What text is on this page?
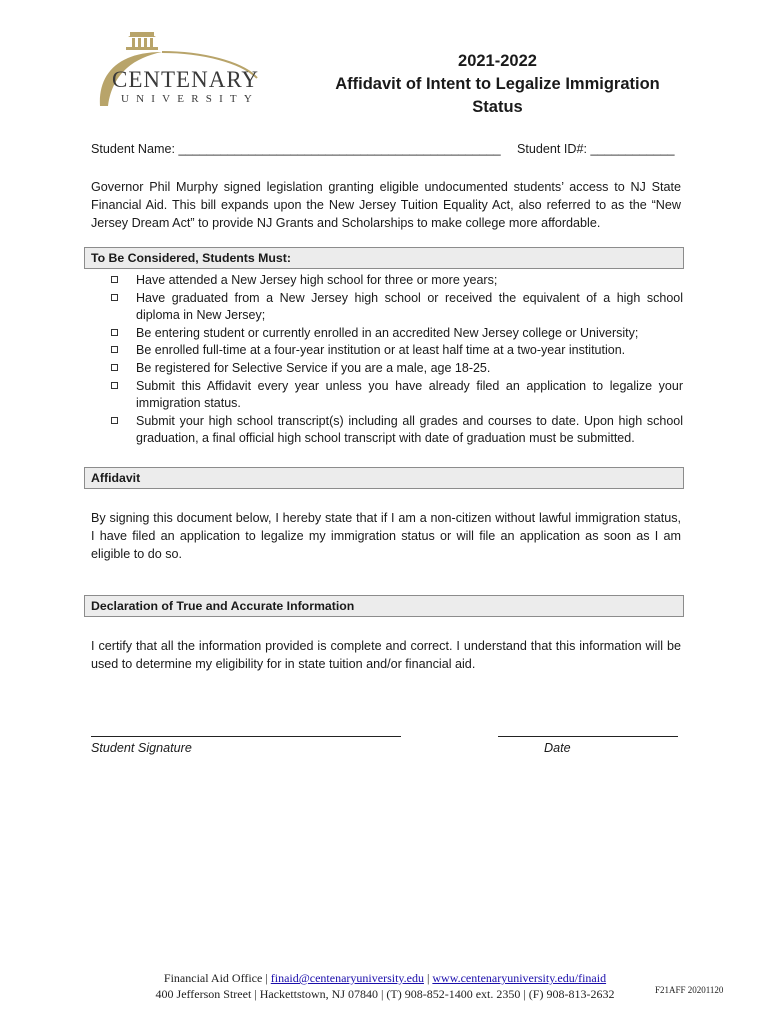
CENTENARY
UNIVERSITY
2021-2022
Affidavit of Intent to Legalize Immigration
Status
Student Name: ______________________________________________ Student ID#: ____________
Governor Phil Murphy signed legislation granting eligible undocumented students’ access to NJ State Financial Aid. This bill expands upon the New Jersey Tuition Equality Act, also referred to as the “New Jersey Dream Act” to provide NJ Grants and Scholarships to make college more affordable.
To Be Considered, Students Must:
Have attended a New Jersey high school for three or more years;
Have graduated from a New Jersey high school or received the equivalent of a high school diploma in New Jersey;
Be entering student or currently enrolled in an accredited New Jersey college or University;
Be enrolled full-time at a four-year institution or at least half time at a two-year institution.
Be registered for Selective Service if you are a male, age 18-25.
Submit this Affidavit every year unless you have already filed an application to legalize your immigration status.
Submit your high school transcript(s) including all grades and courses to date. Upon high school graduation, a final official high school transcript with date of graduation must be submitted.
Affidavit
By signing this document below, I hereby state that if I am a non-citizen without lawful immigration status, I have filed an application to legalize my immigration status or will file an application as soon as I am eligible to do so.
Declaration of True and Accurate Information
I certify that all the information provided is complete and correct. I understand that this information will be used to determine my eligibility for in state tuition and/or financial aid.
Student Signature	Date
Financial Aid Office | finaid@centenaryuniversity.edu | www.centenaryuniversity.edu/finaid
400 Jefferson Street | Hackettstown, NJ 07840 | (T) 908-852-1400 ext. 2350 | (F) 908-813-2632	F21AFF 20201120
